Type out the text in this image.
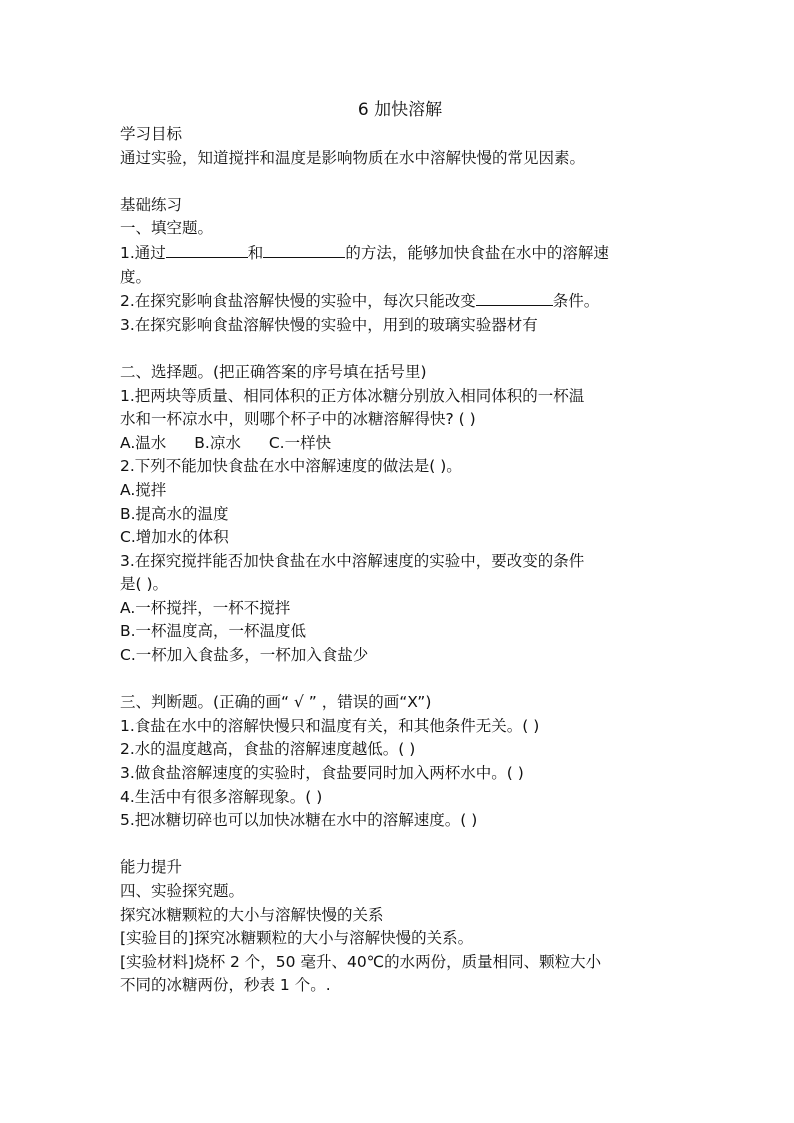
6 加快溶解
学习目标
通过实验，知道搅拌和温度是影响物质在水中溶解快慢的常见因素。
基础练习
一、填空题。
1.通过	和	的方法，能够加快食盐在水中的溶解速
度。
2.在探究影响食盐溶解快慢的实验中，每次只能改变	条件。
3.在探究影响食盐溶解快慢的实验中，用到的玻璃实验器材有
二、选择题。(把正确答案的序号填在括号里)
1.把两块等质量、相同体积的正方体冰糖分别放入相同体积的一杯温
水和一杯凉水中，则哪个杯子中的冰糖溶解得快? ( )
A.温水 B.凉水 C.一样快
2.下列不能加快食盐在水中溶解速度的做法是( )。
A.搅拌
B.提高水的温度
C.增加水的体积
3.在探究搅拌能否加快食盐在水中溶解速度的实验中，要改变的条件
是( )。
A.一杯搅拌，一杯不搅拌
B.一杯温度高，一杯温度低
C.一杯加入食盐多，一杯加入食盐少
三、判断题。(正确的画“ √ ” ，错误的画“X”)
1.食盐在水中的溶解快慢只和温度有关，和其他条件无关。( )
2.水的温度越高，食盐的溶解速度越低。( )
3.做食盐溶解速度的实验时，食盐要同时加入两杯水中。( )
4.生活中有很多溶解现象。( )
5.把冰糖切碎也可以加快冰糖在水中的溶解速度。( )
能力提升
四、实验探究题。
探究冰糖颗粒的大小与溶解快慢的关系
[实验目的]探究冰糖颗粒的大小与溶解快慢的关系。
[实验材料]烧杯 2 个，50 毫升、40℃的水两份，质量相同、颗粒大小
不同的冰糖两份，秒表 1 个。.
